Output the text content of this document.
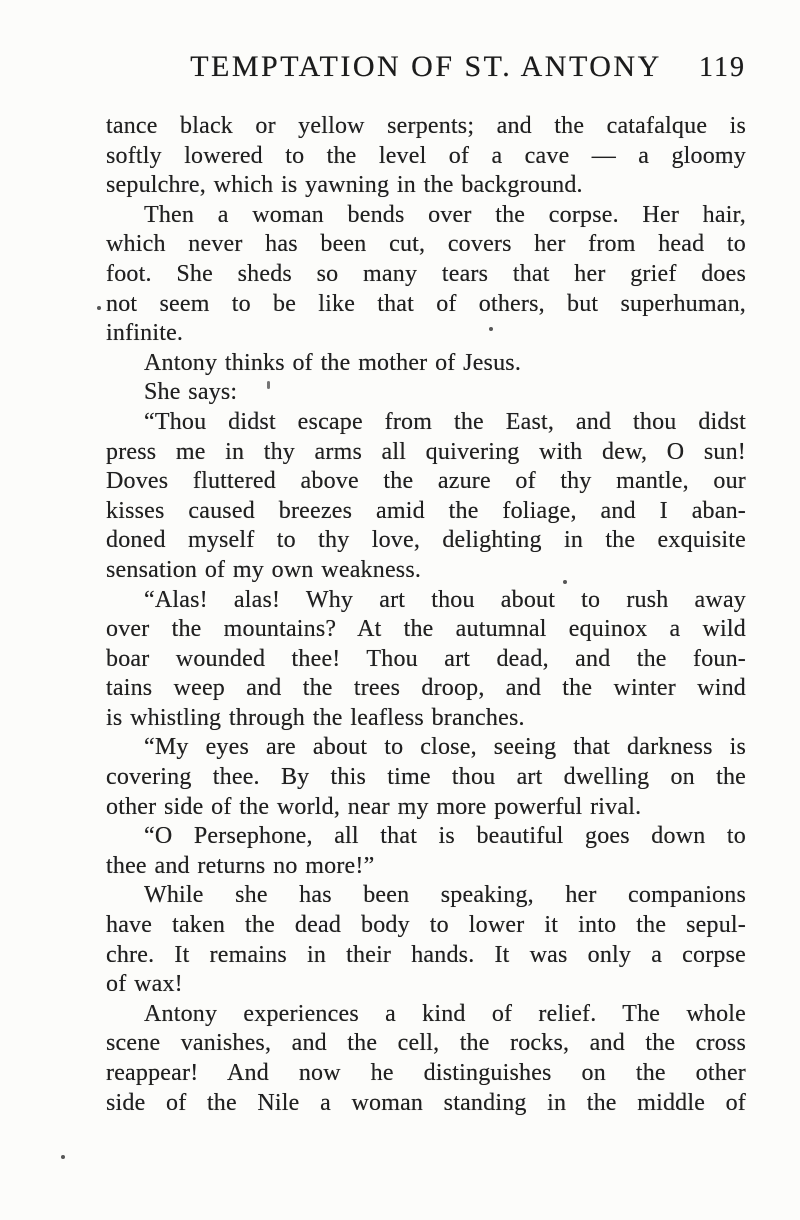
TEMPTATION OF ST. ANTONY	119
tance black or yellow serpents; and the catafalque is
softly lowered to the level of a cave — a gloomy
sepulchre, which is yawning in the background.
Then a woman bends over the corpse. Her hair,
which never has been cut, covers her from head to
foot. She sheds so many tears that her grief does
not seem to be like that of others, but superhuman,
infinite.
Antony thinks of the mother of Jesus.
She says:
“Thou didst escape from the East, and thou didst
press me in thy arms all quivering with dew, O sun!
Doves fluttered above the azure of thy mantle, our
kisses caused breezes amid the foliage, and I aban-
doned myself to thy love, delighting in the exquisite
sensation of my own weakness.
“Alas! alas! Why art thou about to rush away
over the mountains? At the autumnal equinox a wild
boar wounded thee! Thou art dead, and the foun-
tains weep and the trees droop, and the winter wind
is whistling through the leafless branches.
“My eyes are about to close, seeing that darkness is
covering thee. By this time thou art dwelling on the
other side of the world, near my more powerful rival.
“O Persephone, all that is beautiful goes down to
thee and returns no more!”
While she has been speaking, her companions
have taken the dead body to lower it into the sepul-
chre. It remains in their hands. It was only a corpse
of wax!
Antony experiences a kind of relief. The whole
scene vanishes, and the cell, the rocks, and the cross
reappear! And now he distinguishes on the other
side of the Nile a woman standing in the middle of
